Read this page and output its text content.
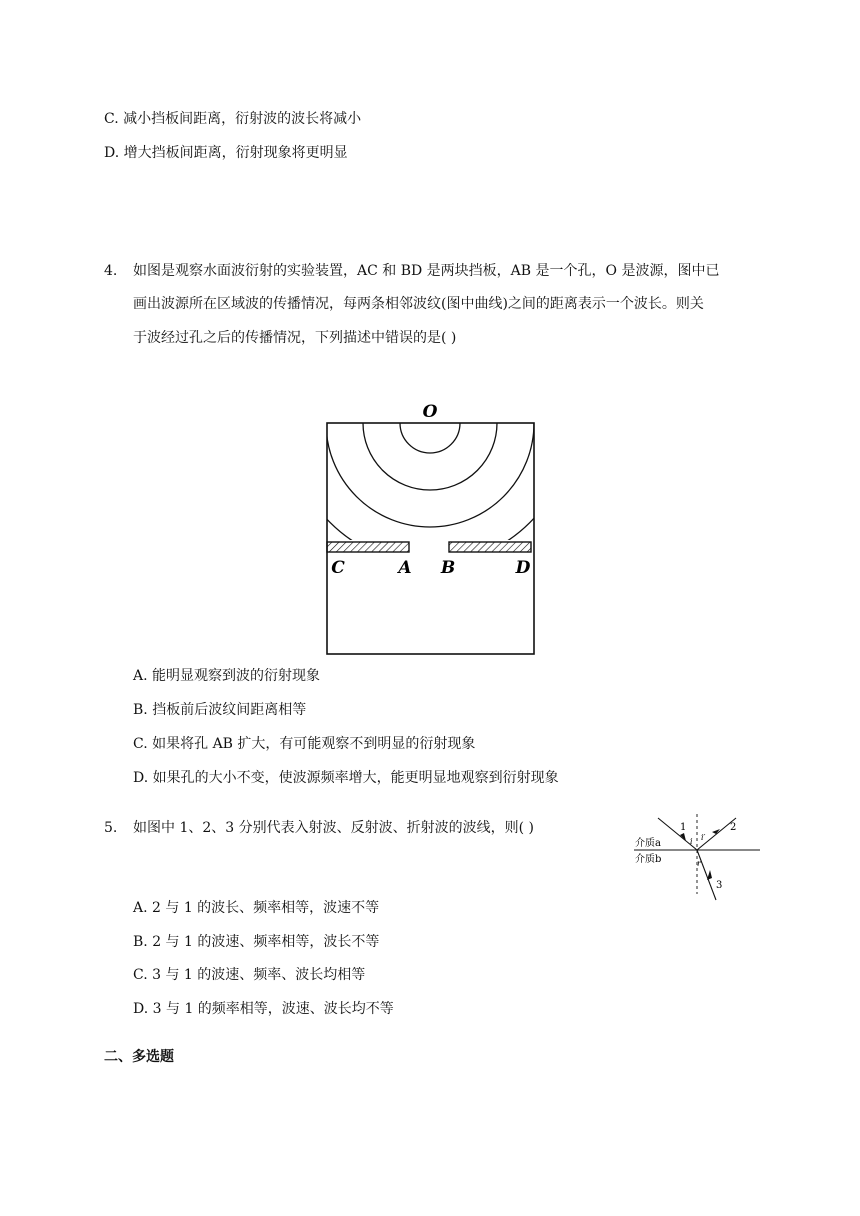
C. 减小挡板间距离，衍射波的波长将减小
D. 增大挡板间距离，衍射现象将更明显
4. 如图是观察水面波衍射的实验装置，AC 和 BD 是两块挡板，AB 是一个孔，O 是波源，图中已
画出波源所在区域波的传播情况，每两条相邻波纹(图中曲线)之间的距离表示一个波长。则关
于波经过孔之后的传播情况，下列描述中错误的是( )
O
C	A B	D
A. 能明显观察到波的衍射现象
B. 挡板前后波纹间距离相等
C. 如果将孔 AB 扩大，有可能观察不到明显的衍射现象
D. 如果孔的大小不变，使波源频率增大，能更明显地观察到衍射现象
5. 如图中 1、2、3 分别代表入射波、反射波、折射波的波线，则( )	1	2
3
介质a
介质b
i i′
r
A. 2 与 1 的波长、频率相等，波速不等
B. 2 与 1 的波速、频率相等，波长不等
C. 3 与 1 的波速、频率、波长均相等
D. 3 与 1 的频率相等，波速、波长均不等
二、多选题
